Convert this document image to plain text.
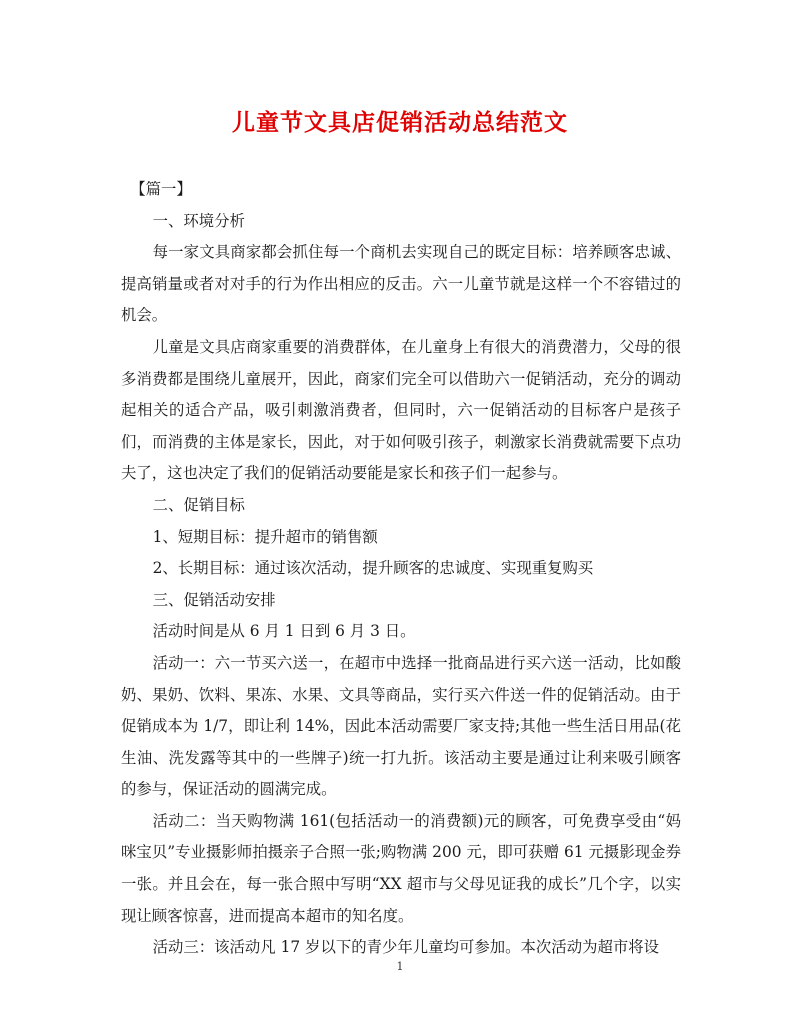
儿童节文具店促销活动总结范文

【篇一】

一、环境分析

每一家文具商家都会抓住每一个商机去实现自己的既定目标：培养顾客忠诚、提高销量或者对对手的行为作出相应的反击。六一儿童节就是这样一个不容错过的机会。

儿童是文具店商家重要的消费群体，在儿童身上有很大的消费潜力，父母的很多消费都是围绕儿童展开，因此，商家们完全可以借助六一促销活动，充分的调动起相关的适合产品，吸引刺激消费者，但同时，六一促销活动的目标客户是孩子们，而消费的主体是家长，因此，对于如何吸引孩子，刺激家长消费就需要下点功夫了，这也决定了我们的促销活动要能是家长和孩子们一起参与。

二、促销目标

1、短期目标：提升超市的销售额

2、长期目标：通过该次活动，提升顾客的忠诚度、实现重复购买

三、促销活动安排

活动时间是从 6 月 1 日到 6 月 3 日。

活动一：六一节买六送一，在超市中选择一批商品进行买六送一活动，比如酸奶、果奶、饮料、果冻、水果、文具等商品，实行买六件送一件的促销活动。由于促销成本为 1/7，即让利 14%，因此本活动需要厂家支持;其他一些生活日用品(花生油、洗发露等其中的一些牌子)统一打九折。该活动主要是通过让利来吸引顾客的参与，保证活动的圆满完成。

活动二：当天购物满 161(包括活动一的消费额)元的顾客，可免费享受由“妈咪宝贝”专业摄影师拍摄亲子合照一张;购物满 200 元，即可获赠 61 元摄影现金券一张。并且会在，每一张合照中写明“XX 超市与父母见证我的成长”几个字，以实现让顾客惊喜，进而提高本超市的知名度。

活动三：该活动凡 17 岁以下的青少年儿童均可参加。本次活动为超市将设

1
